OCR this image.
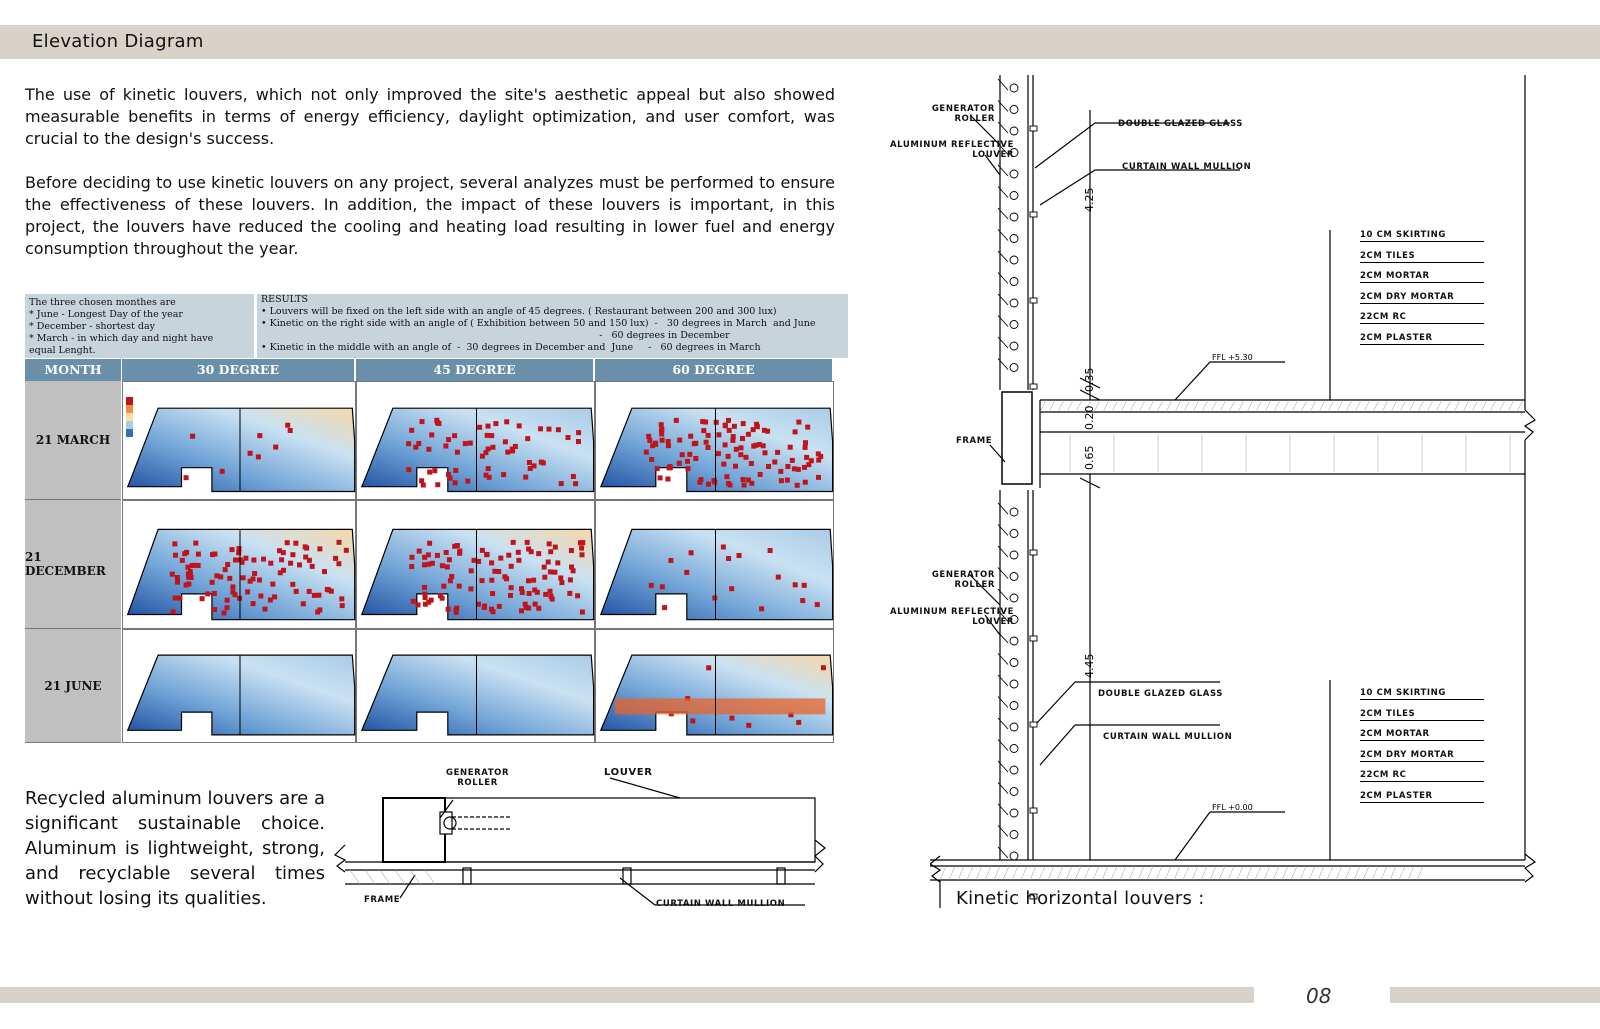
Elevation Diagram
The use of kinetic louvers, which not only improved the site's aesthetic appeal but also showed measurable benefits in terms of energy efficiency, daylight optimization, and user comfort, was crucial to the design's success.
Before deciding to use kinetic louvers on any project, several analyzes must be performed to ensure the effectiveness of these louvers. In addition, the impact of these louvers is important, in this project, the louvers have reduced the cooling and heating load resulting in lower fuel and energy consumption throughout the year.
The three chosen monthes are
* June - Longest Day of the year
* December - shortest day
* March - in which day and night have
equal Lenght.
RESULTS
• Louvers will be fixed on the left side with an angle of 45 degrees. ( Restaurant between 200 and 300 lux)
• Kinetic on the right side with an angle of ( Exhibition between 50 and 150 lux)  -   30 degrees in March  and June
-   60 degrees in December
• Kinetic in the middle with an angle of  -  30 degrees in December and  June     -   60 degrees in March
MONTH	30 DEGREE	45 DEGREE	60 DEGREE
21 MARCH
21 DECEMBER
21 JUNE
Recycled aluminum louvers are a significant sustainable choice. Aluminum is lightweight, strong, and recyclable several times without losing its qualities.
GENERATOR
ROLLER
LOUVER
FRAME	CURTAIN WALL MULLION
4.25
0.35
0.20
0.65
4.45
FFL +5.30
FFL +0.00
GENERATOR
ROLLER
ALUMINUM REFLECTIVE
LOUVER
DOUBLE GLAZED GLASS
CURTAIN WALL MULLION
FRAME
GENERATOR
ROLLER
ALUMINUM REFLECTIVE
LOUVER
DOUBLE GLAZED GLASS
CURTAIN WALL MULLION
10 CM SKIRTING
2CM TILES
2CM MORTAR
2CM DRY MORTAR
22CM RC
2CM PLASTER
10 CM SKIRTING
2CM TILES
2CM MORTAR
2CM DRY MORTAR
22CM RC
2CM PLASTER
Kinetic horizontal louvers :
08
